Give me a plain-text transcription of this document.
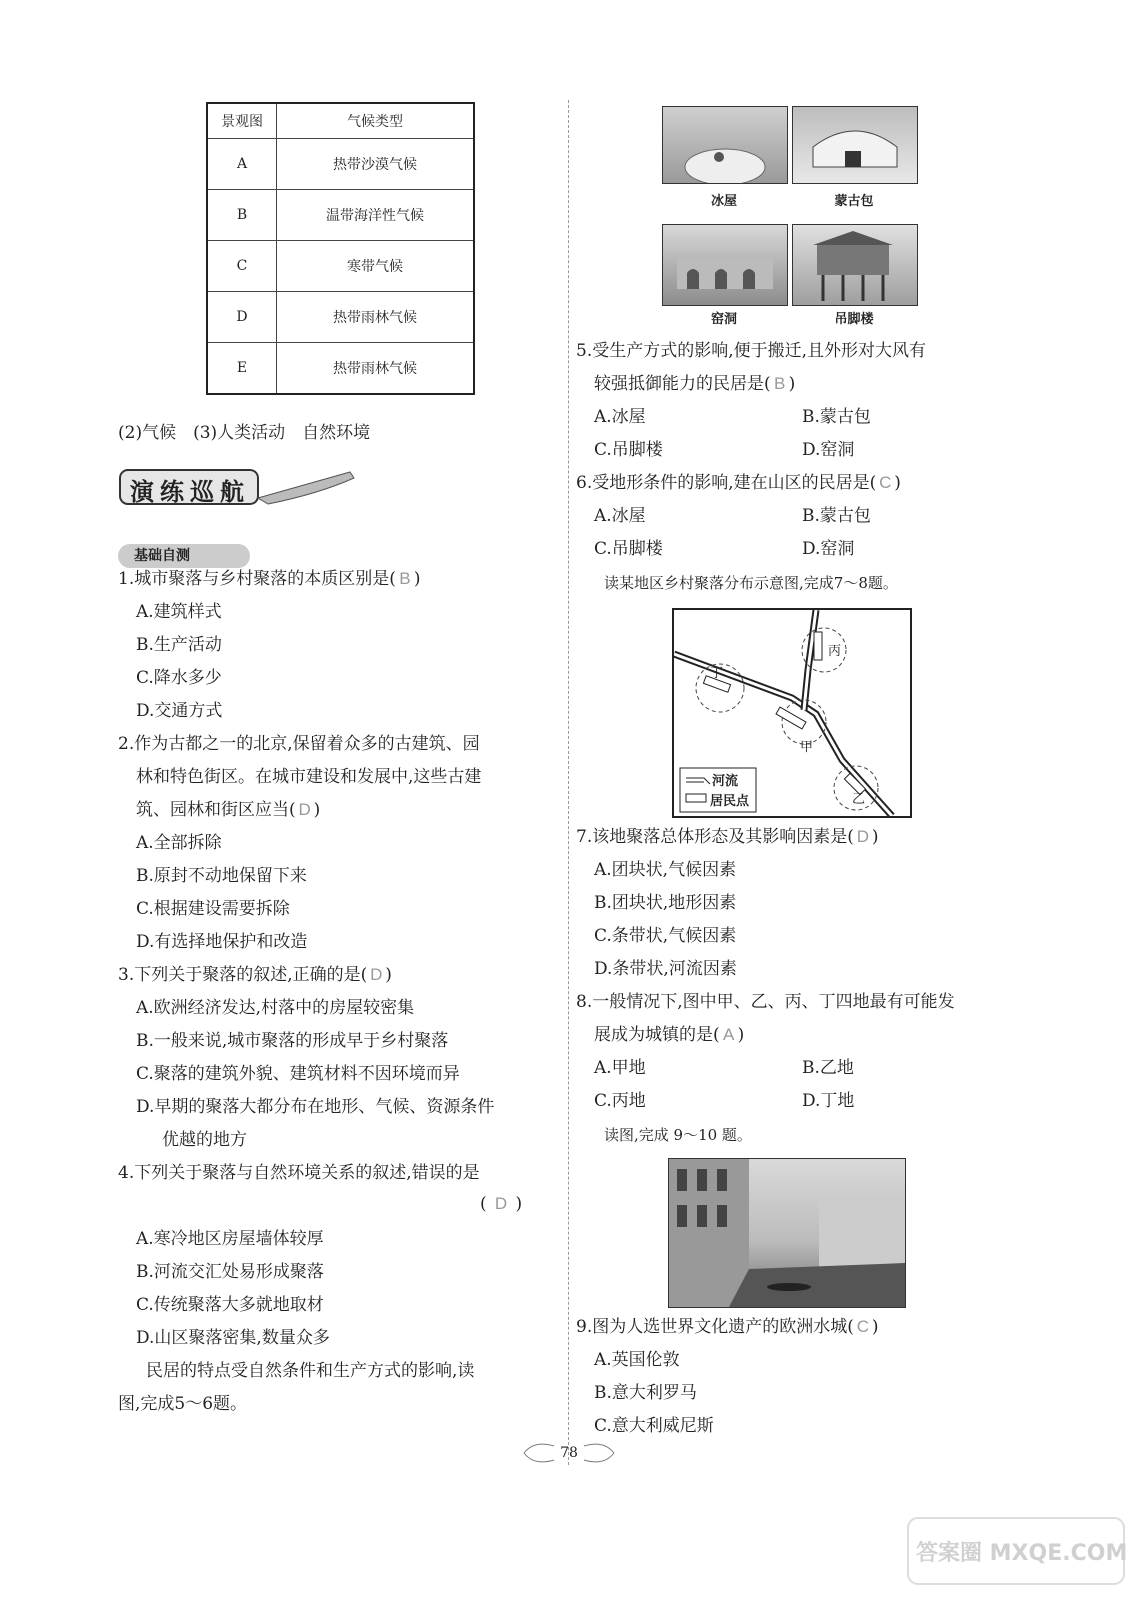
景观图	气候类型
A	热带沙漠气候
B	温带海洋性气候
C	寒带气候
D	热带雨林气候
E	热带雨林气候
(2)气候　(3)人类活动　自然环境
演练巡航
基础自测
1.城市聚落与乡村聚落的本质区别是( B )
A.建筑样式
B.生产活动
C.降水多少
D.交通方式
2.作为古都之一的北京,保留着众多的古建筑、园
林和特色街区。在城市建设和发展中,这些古建
筑、园林和街区应当( D )
A.全部拆除
B.原封不动地保留下来
C.根据建设需要拆除
D.有选择地保护和改造
3.下列关于聚落的叙述,正确的是( D )
A.欧洲经济发达,村落中的房屋较密集
B.一般来说,城市聚落的形成早于乡村聚落
C.聚落的建筑外貌、建筑材料不因环境而异
D.早期的聚落大都分布在地形、气候、资源条件
优越的地方
4.下列关于聚落与自然环境关系的叙述,错误的是
( D )
A.寒冷地区房屋墙体较厚
B.河流交汇处易形成聚落
C.传统聚落大多就地取材
D.山区聚落密集,数量众多
民居的特点受自然条件和生产方式的影响,读
图,完成5～6题。
冰屋	蒙古包
窑洞	吊脚楼
5.受生产方式的影响,便于搬迁,且外形对大风有
较强抵御能力的民居是( B )
A.冰屋	B.蒙古包
C.吊脚楼	D.窑洞
6.受地形条件的影响,建在山区的民居是( C )
A.冰屋	B.蒙古包
C.吊脚楼	D.窑洞
读某地区乡村聚落分布示意图,完成7～8题。
丙
丁
甲
乙
河流
居民点
7.该地聚落总体形态及其影响因素是( D )
A.团块状,气候因素
B.团块状,地形因素
C.条带状,气候因素
D.条带状,河流因素
8.一般情况下,图中甲、乙、丙、丁四地最有可能发
展成为城镇的是( A )
A.甲地	B.乙地
C.丙地	D.丁地
读图,完成 9～10 题。
9.图为人选世界文化遗产的欧洲水城( C )
A.英国伦敦
B.意大利罗马
C.意大利威尼斯
78
答案圈 MXQE.COM
